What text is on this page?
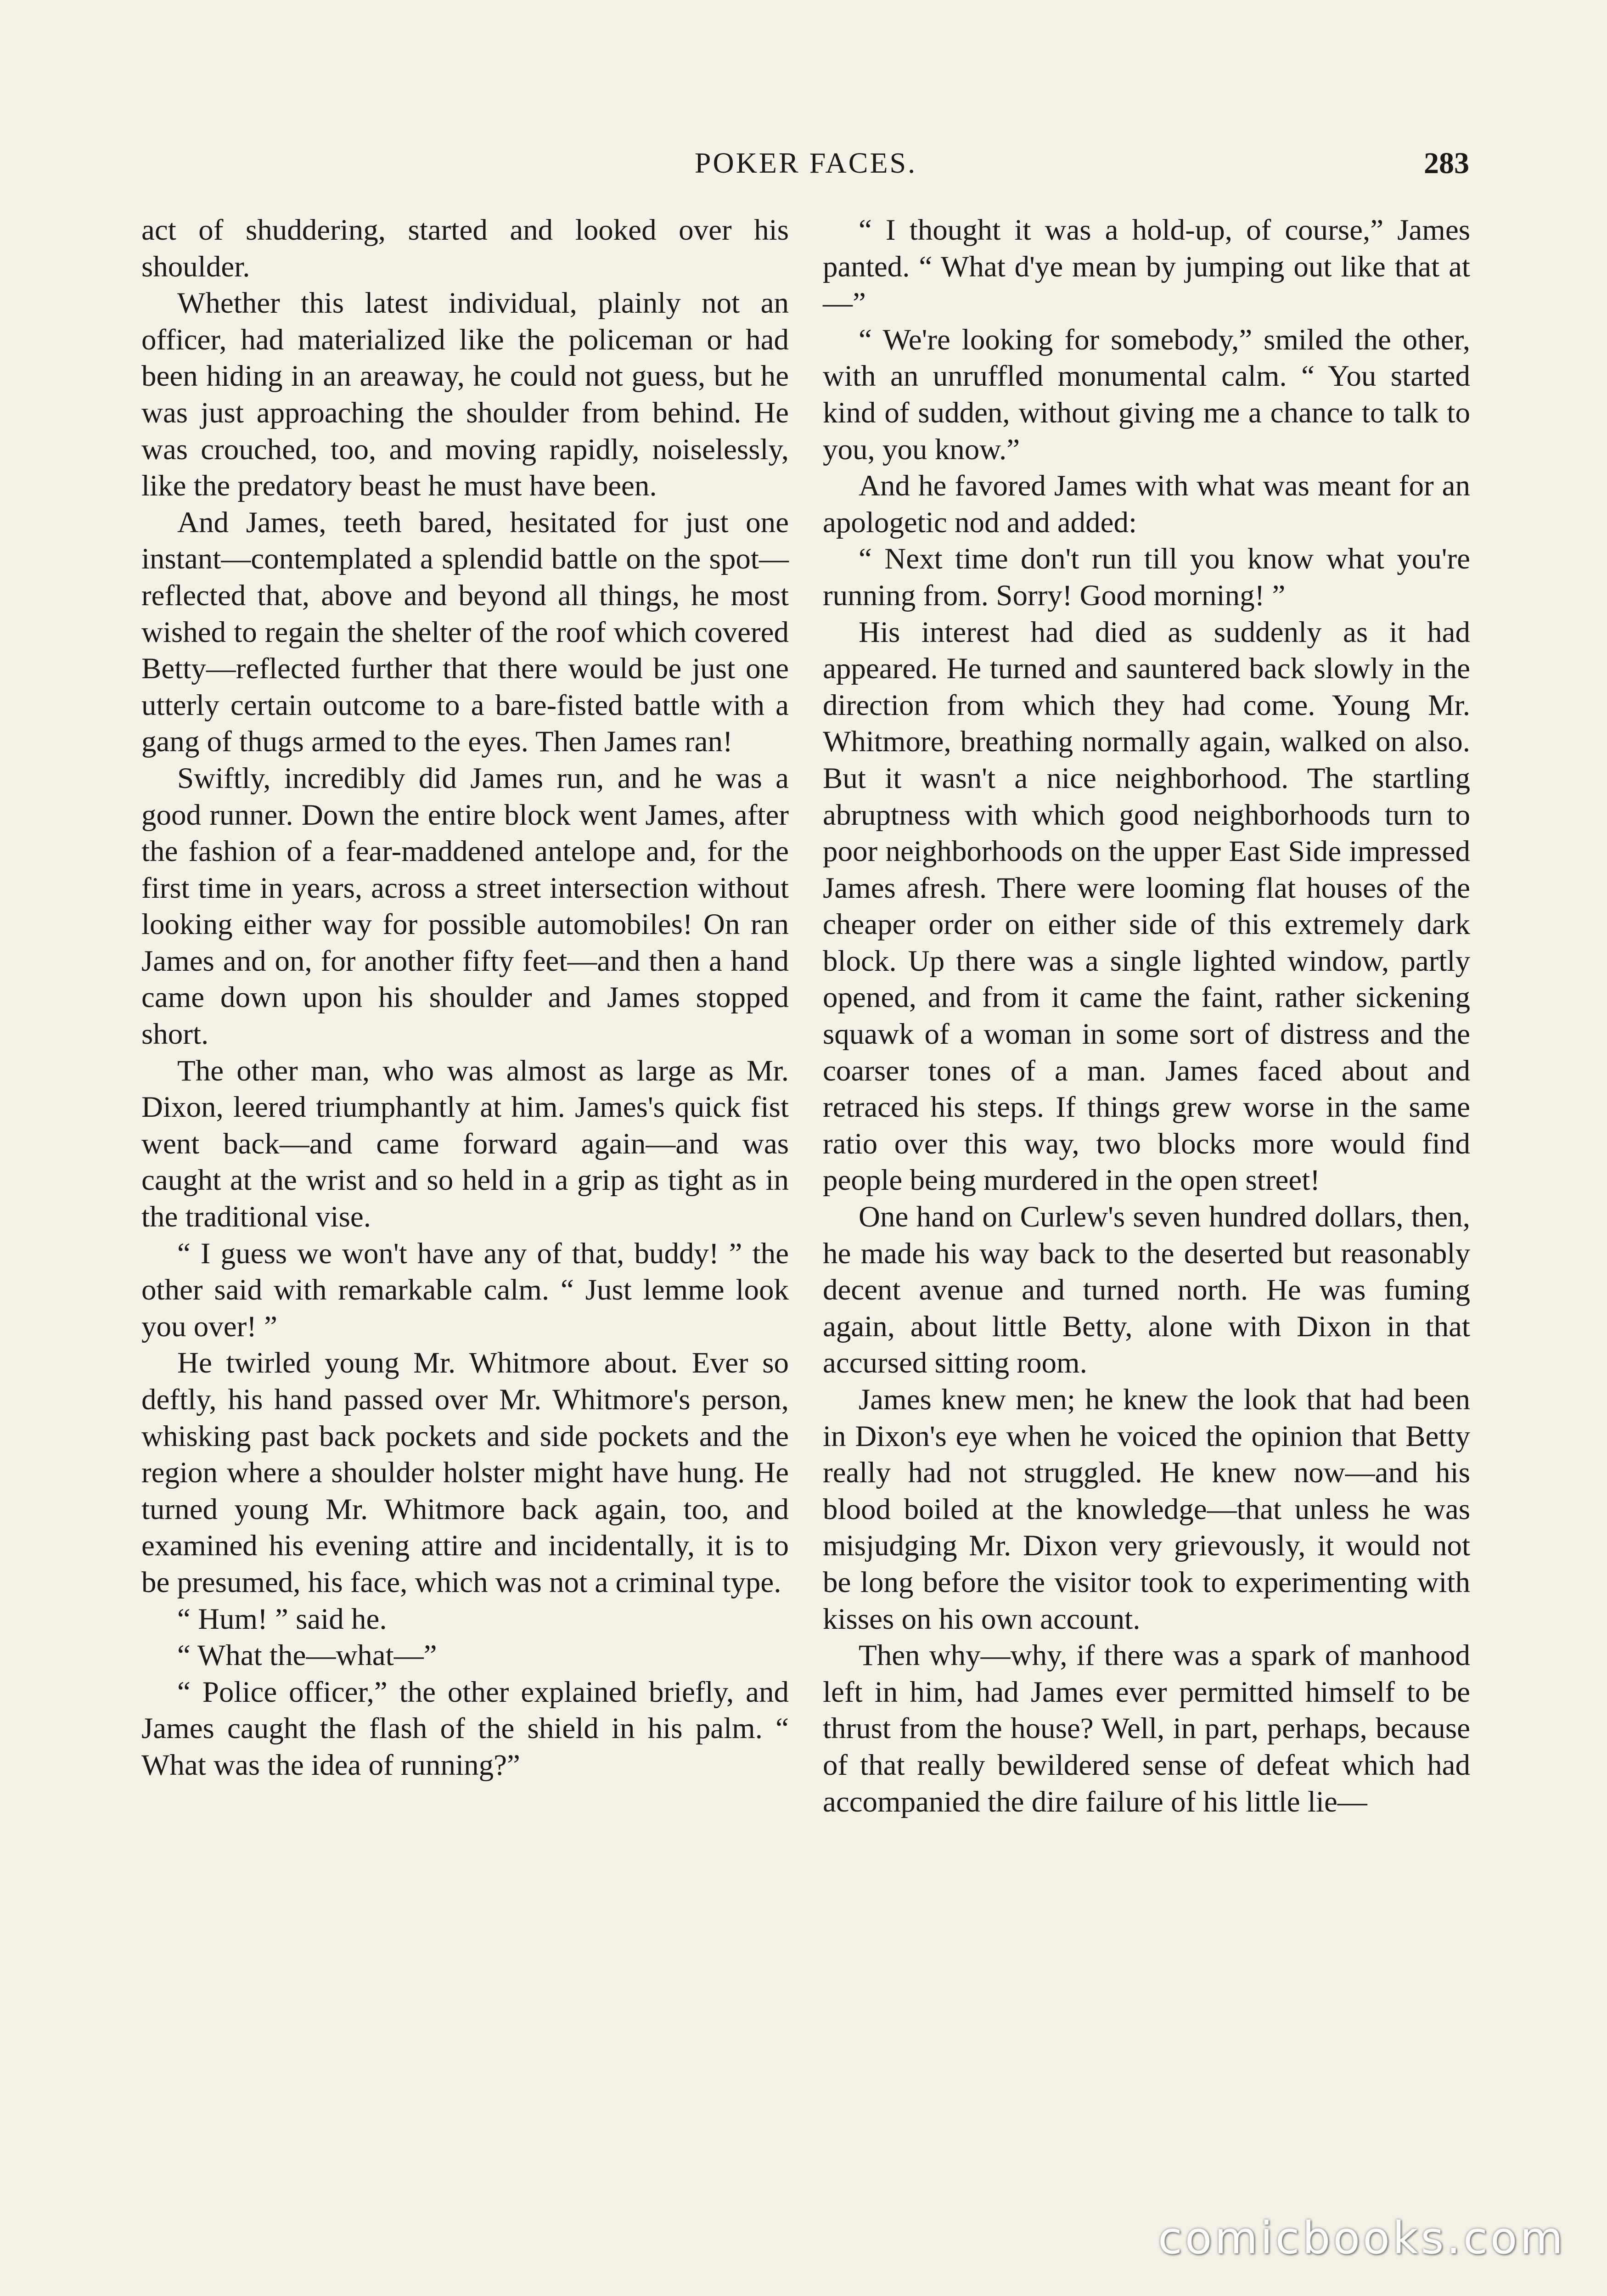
POKER FACES.	283

act of shuddering, started and looked over his shoulder.

Whether this latest individual, plainly not an officer, had materialized like the policeman or had been hiding in an areaway, he could not guess, but he was just approaching the shoulder from behind. He was crouched, too, and moving rapidly, noiselessly, like the predatory beast he must have been.

And James, teeth bared, hesitated for just one instant—contemplated a splendid battle on the spot—reflected that, above and beyond all things, he most wished to regain the shelter of the roof which covered Betty—reflected further that there would be just one utterly certain outcome to a bare-fisted battle with a gang of thugs armed to the eyes. Then James ran!

Swiftly, incredibly did James run, and he was a good runner. Down the entire block went James, after the fashion of a fear-maddened antelope and, for the first time in years, across a street intersection without looking either way for possible automobiles! On ran James and on, for another fifty feet—and then a hand came down upon his shoulder and James stopped short.

The other man, who was almost as large as Mr. Dixon, leered triumphantly at him. James's quick fist went back—and came forward again—and was caught at the wrist and so held in a grip as tight as in the traditional vise.

“ I guess we won't have any of that, buddy! ” the other said with remarkable calm. “ Just lemme look you over! ”

He twirled young Mr. Whitmore about. Ever so deftly, his hand passed over Mr. Whitmore's person, whisking past back pockets and side pockets and the region where a shoulder holster might have hung. He turned young Mr. Whitmore back again, too, and examined his evening attire and incidentally, it is to be presumed, his face, which was not a criminal type.

“ Hum! ” said he.

“ What the—what—”

“ Police officer,” the other explained briefly, and James caught the flash of the shield in his palm. “ What was the idea of running?”

“ I thought it was a hold-up, of course,” James panted. “ What d'ye mean by jumping out like that at—”

“ We're looking for somebody,” smiled the other, with an unruffled monumental calm. “ You started kind of sudden, without giving me a chance to talk to you, you know.”

And he favored James with what was meant for an apologetic nod and added:

“ Next time don't run till you know what you're running from. Sorry! Good morning! ”

His interest had died as suddenly as it had appeared. He turned and sauntered back slowly in the direction from which they had come. Young Mr. Whitmore, breathing normally again, walked on also. But it wasn't a nice neighborhood. The startling abruptness with which good neighborhoods turn to poor neighborhoods on the upper East Side impressed James afresh. There were looming flat houses of the cheaper order on either side of this extremely dark block. Up there was a single lighted window, partly opened, and from it came the faint, rather sickening squawk of a woman in some sort of distress and the coarser tones of a man. James faced about and retraced his steps. If things grew worse in the same ratio over this way, two blocks more would find people being murdered in the open street!

One hand on Curlew's seven hundred dollars, then, he made his way back to the deserted but reasonably decent avenue and turned north. He was fuming again, about little Betty, alone with Dixon in that accursed sitting room.

James knew men; he knew the look that had been in Dixon's eye when he voiced the opinion that Betty really had not struggled. He knew now—and his blood boiled at the knowledge—that unless he was misjudging Mr. Dixon very grievously, it would not be long before the visitor took to experimenting with kisses on his own account.

Then why—why, if there was a spark of manhood left in him, had James ever permitted himself to be thrust from the house? Well, in part, perhaps, because of that really bewildered sense of defeat which had accompanied the dire failure of his little lie—

comicbooks.com
